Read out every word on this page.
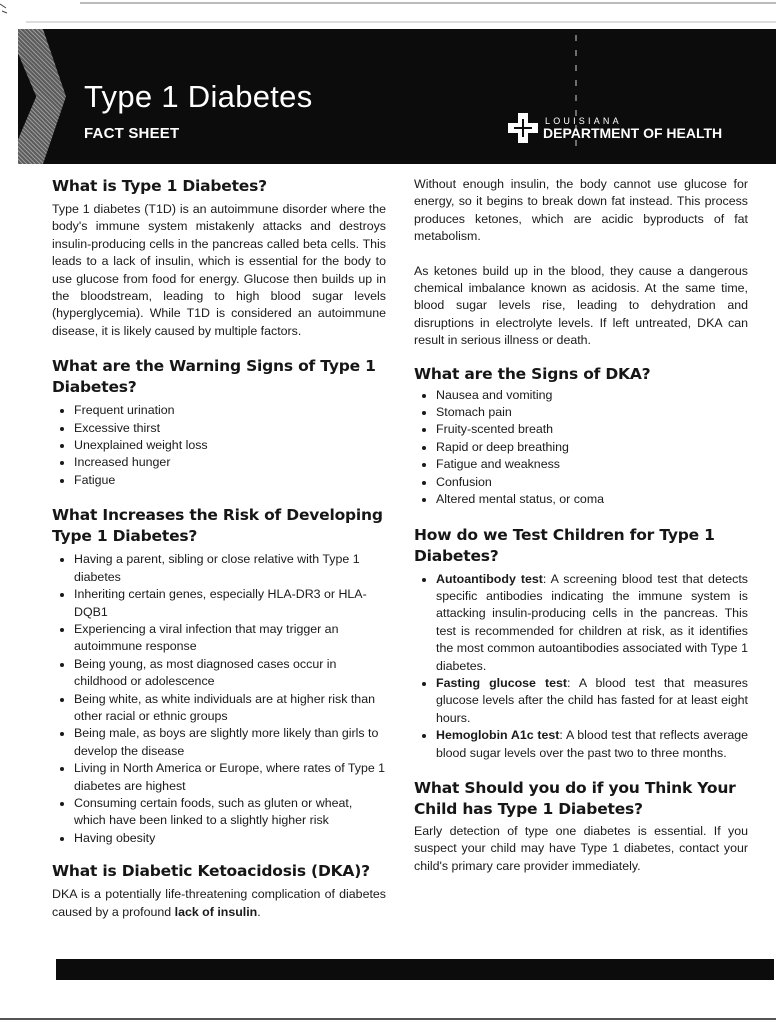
Type 1 Diabetes
FACT SHEET
LOUISIANA
DEPARTMENT OF HEALTH
What is Type 1 Diabetes?

Type 1 diabetes (T1D) is an autoimmune disorder where the body's immune system mistakenly attacks and destroys insulin-producing cells in the pancreas called beta cells. This leads to a lack of insulin, which is essential for the body to use glucose from food for energy. Glucose then builds up in the bloodstream, leading to high blood sugar levels (hyperglycemia). While T1D is considered an autoimmune disease, it is likely caused by multiple factors.

What are the Warning Signs of Type 1 Diabetes?
• Frequent urination
• Excessive thirst
• Unexplained weight loss
• Increased hunger
• Fatigue
What Increases the Risk of Developing Type 1 Diabetes?
• Having a parent, sibling or close relative with Type 1 diabetes
• Inheriting certain genes, especially HLA-DR3 or HLA-DQB1
• Experiencing a viral infection that may trigger an autoimmune response
• Being young, as most diagnosed cases occur in childhood or adolescence
• Being white, as white individuals are at higher risk than other racial or ethnic groups
• Being male, as boys are slightly more likely than girls to develop the disease
• Living in North America or Europe, where rates of Type 1 diabetes are highest
• Consuming certain foods, such as gluten or wheat, which have been linked to a slightly higher risk
• Having obesity
What is Diabetic Ketoacidosis (DKA)?

DKA is a potentially life-threatening complication of diabetes caused by a profound lack of insulin.

Without enough insulin, the body cannot use glucose for energy, so it begins to break down fat instead. This process produces ketones, which are acidic byproducts of fat metabolism.

As ketones build up in the blood, they cause a dangerous chemical imbalance known as acidosis. At the same time, blood sugar levels rise, leading to dehydration and disruptions in electrolyte levels. If left untreated, DKA can result in serious illness or death.

What are the Signs of DKA?
• Nausea and vomiting
• Stomach pain
• Fruity-scented breath
• Rapid or deep breathing
• Fatigue and weakness
• Confusion
• Altered mental status, or coma
How do we Test Children for Type 1 Diabetes?
• Autoantibody test: A screening blood test that detects specific antibodies indicating the immune system is attacking insulin-producing cells in the pancreas. This test is recommended for children at risk, as it identifies the most common autoantibodies associated with Type 1 diabetes.
• Fasting glucose test: A blood test that measures glucose levels after the child has fasted for at least eight hours.
• Hemoglobin A1c test: A blood test that reflects average blood sugar levels over the past two to three months.
What Should you do if you Think Your Child has Type 1 Diabetes?

Early detection of type one diabetes is essential. If you suspect your child may have Type 1 diabetes, contact your child's primary care provider immediately.
